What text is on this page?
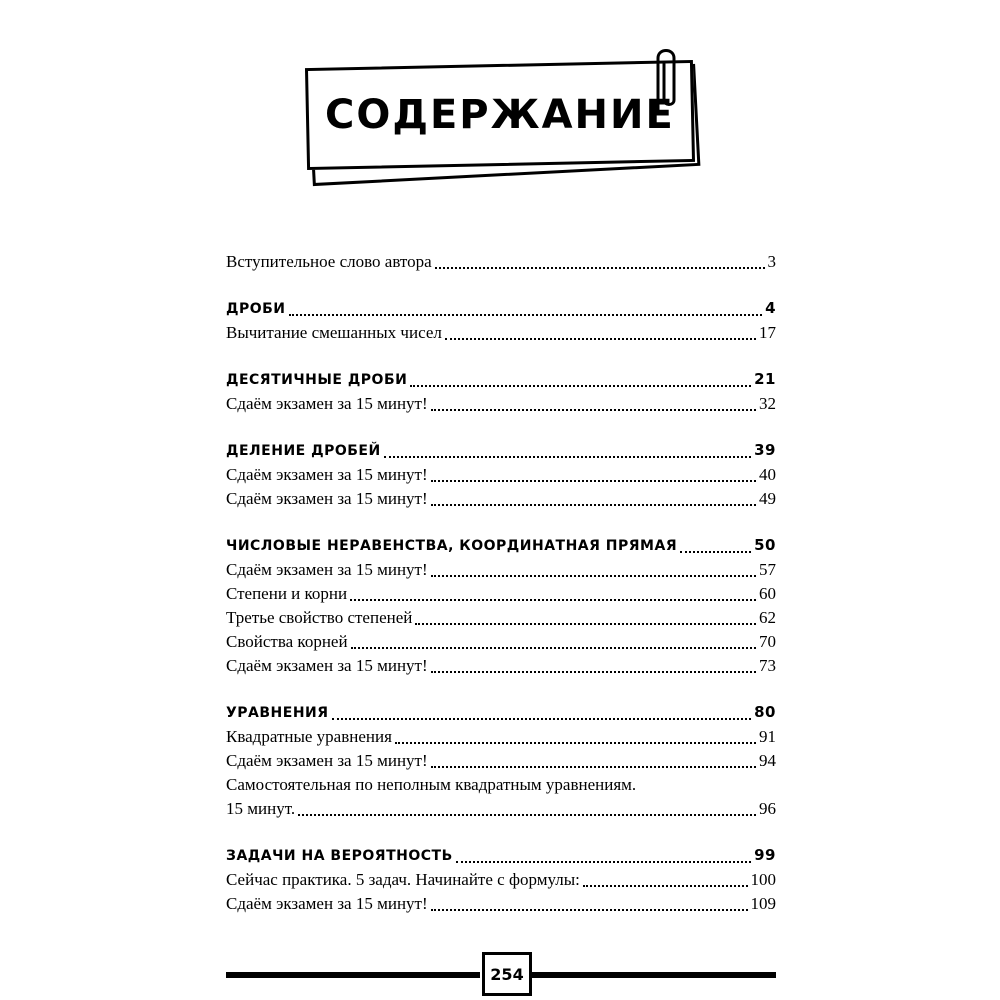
СОДЕРЖАНИЕ
Вступительное слово автора	3
ДРОБИ	4
Вычитание смешанных чисел	17
ДЕСЯТИЧНЫЕ ДРОБИ	21
Сдаём экзамен за 15 минут!	32
ДЕЛЕНИЕ ДРОБЕЙ	39
Сдаём экзамен за 15 минут!	40
Сдаём экзамен за 15 минут!	49
ЧИСЛОВЫЕ НЕРАВЕНСТВА, КООРДИНАТНАЯ ПРЯМАЯ	50
Сдаём экзамен за 15 минут!	57
Степени и корни	60
Третье свойство степеней	62
Свойства корней	70
Сдаём экзамен за 15 минут!	73
УРАВНЕНИЯ	80
Квадратные уравнения	91
Сдаём экзамен за 15 минут!	94
Самостоятельная по неполным квадратным уравнениям.
15 минут.	96
ЗАДАЧИ НА ВЕРОЯТНОСТЬ	99
Сейчас практика. 5 задач. Начинайте с формулы:	100
Сдаём экзамен за 15 минут!	109
254
